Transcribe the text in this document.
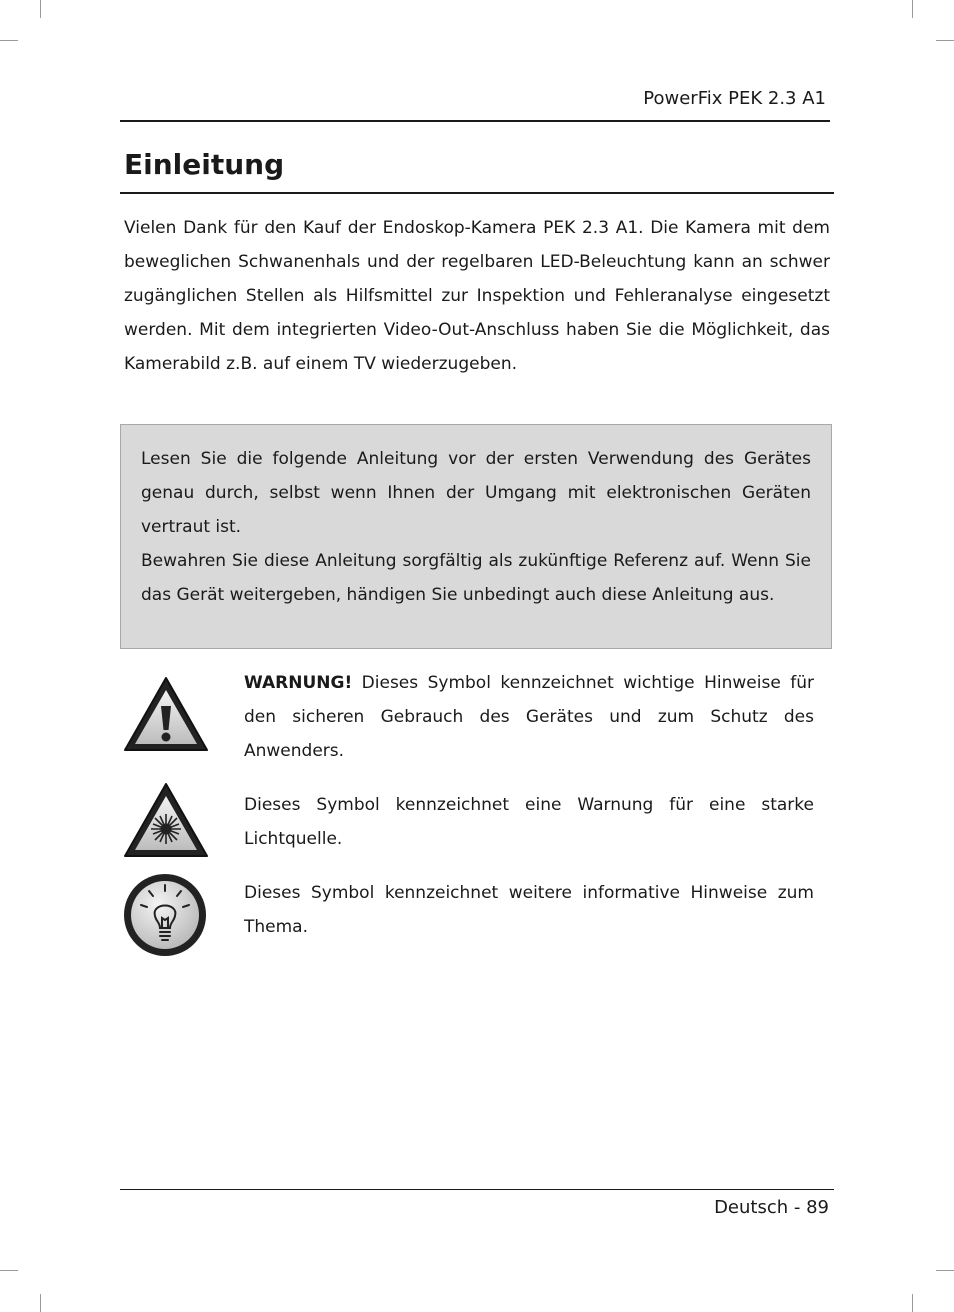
PowerFix PEK 2.3 A1
Einleitung

Vielen Dank für den Kauf der Endoskop-Kamera PEK 2.3 A1. Die Kamera mit dem beweglichen Schwanenhals und der regelbaren LED-Beleuchtung kann an schwer zugänglichen Stellen als Hilfsmittel zur Inspektion und Fehleranalyse eingesetzt werden. Mit dem integrierten Video-Out-Anschluss haben Sie die Möglichkeit, das Kamerabild z.B. auf einem TV wiederzugeben.

Lesen Sie die folgende Anleitung vor der ersten Verwendung des Gerätes genau durch, selbst wenn Ihnen der Umgang mit elektronischen Geräten vertraut ist.

Bewahren Sie diese Anleitung sorgfältig als zukünftige Referenz auf. Wenn Sie das Gerät weitergeben, händigen Sie unbedingt auch diese Anleitung aus.

WARNUNG! Dieses Symbol kennzeichnet wichtige Hinweise für den sicheren Gebrauch des Gerätes und zum Schutz des Anwenders.

Dieses Symbol kennzeichnet eine Warnung für eine starke Lichtquelle.

Dieses Symbol kennzeichnet weitere informative Hinweise zum Thema.

Deutsch - 89
